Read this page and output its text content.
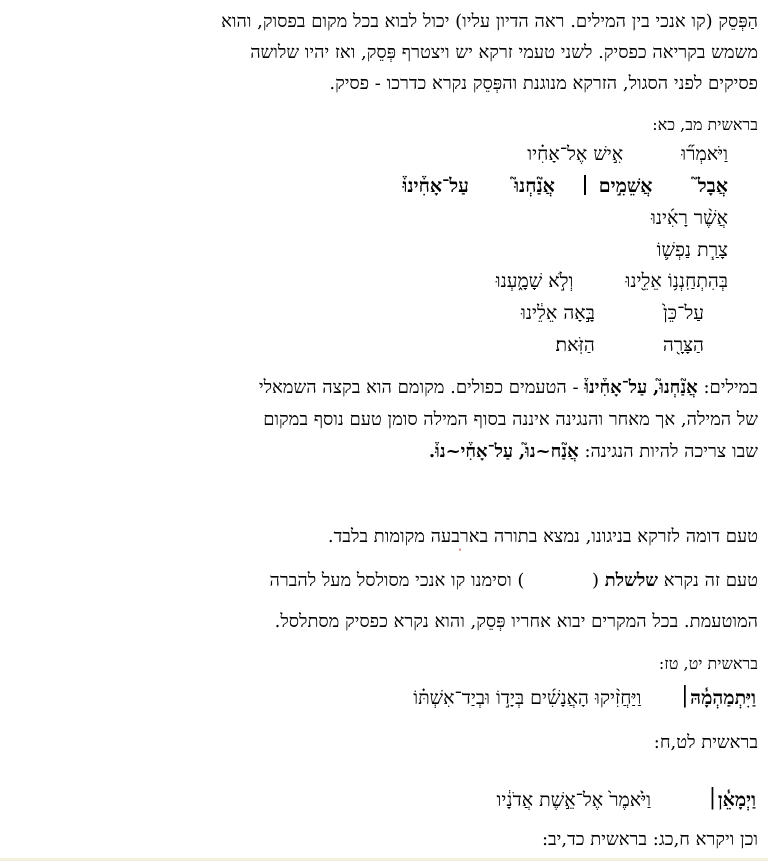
הַפְּסֵק (קו אנכי בין המילים. ראה הדיון עליו) יכול לבוא בכל מקום בפסוק, והוא
משמש בקריאה כפסיק. לשני טעמי זרקא יש ויצטרף פְּסֵק, ואז יהיו שלושה
פסיקים לפני הסגול, הזרקא מנוגנת והפְּסֵק נקרא כדרכו - פסיק.
בראשית מב, כא:
וַיֹּאמְר֞וּ  אִ֣ישׁ אֶל־אָחִ֗יו
אֲבָל֮  אֲשֵׁמִ֣ים   אֲנַ֘חְנוּ֮  עַל־אָחִ֒ינוּ֒
אֲשֶׁ֨ר רָאִ֜ינוּ
צָרַ֧ת נַפְשׁ֛וֹ
בְּהִתְחַֽנְנ֥וֹ אֵלֵ֖ינוּ  וְלֹ֣א שָׁמָ֑עְנוּ
עַל־כֵּן֙  בָּ֣אָה אֵלֵ֔ינוּ
הַצָּרָ֖ה  הַזֹּֽאת׃
במילים: אֲנַ֘חְנוּ֮, עַל־אָחִ֒ינוּ֒ - הטעמים כפולים. מקומם הוא בקצה השמאלי
של המילה, אך מאחר והנגינה איננה בסוף המילה סומן טעם נוסף במקום
שבו צריכה להיות הנגינה: אֲנַ֘ח~נוּ֮, עַל־אָחִ֒י~נוּ֒.
טעם דומה לזרקא בניגונו, נמצא בתורה בארבעה מקומות בלבד.
טעם זה נקרא שלשלת (  ) וסימנו קו אנכי מסולסל מעל להברה
המוטעמת. בכל המקרים יבוא אחריו פְּסֵק, והוא נקרא כפסיק מסתלסל.
בראשית יט, טז:
וַיִּתְמַהְמָ֓הּ׀  וַיַּחֲזִ֨יקוּ הָאֲנָשִׁ֜ים בְּיָד֣וֹ וּבְיַד־אִשְׁתּ֗וֹ
בראשית לט,ח:
וַיְמָאֵ֓ן׀  וַיֹּ֙אמֶר֙ אֶל־אֵ֣שֶׁת אֲדֹנָ֔יו
וכן ויקרא ח,כג: בראשית כד,יב:
